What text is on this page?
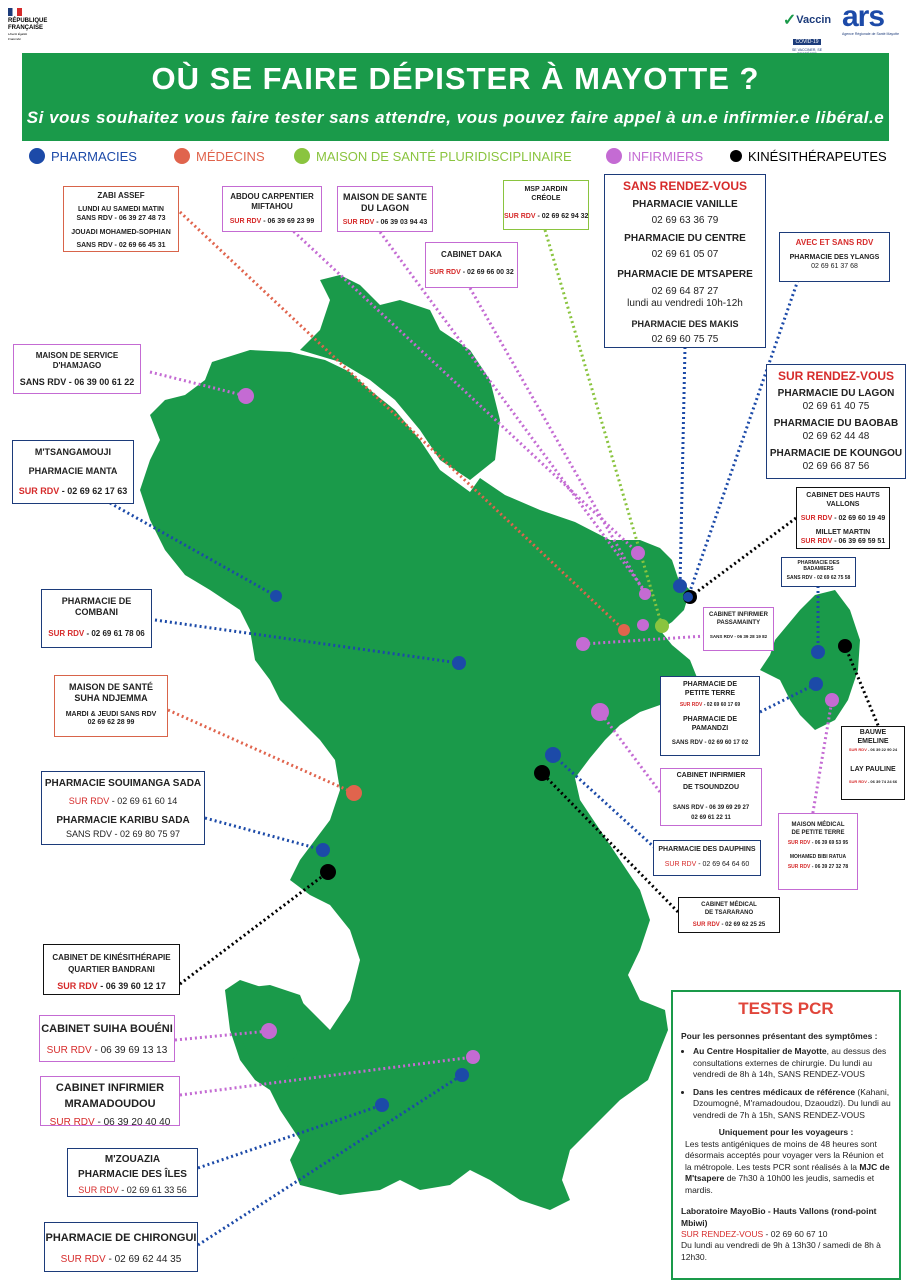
RÉPUBLIQUE
FRANÇAISE
Liberté Égalité Fraternité
✓ Vaccin
COVID-19
SE VACCINER, SE
ars
Agence Régionale de Santé Mayotte
OÙ SE FAIRE DÉPISTER À MAYOTTE ?
Si vous souhaitez vous faire tester sans attendre, vous pouvez faire appel à un.e infirmier.e libéral.e
PHARMACIES	MÉDECINS	MAISON DE SANTÉ PLURIDISCIPLINAIRE	INFIRMIERS	KINÉSITHÉRAPEUTES
ZABI ASSEF
LUNDI AU SAMEDI MATIN
SANS RDV - 06 39 27 48 73
JOUADI MOHAMED-SOPHIAN
SANS RDV - 02 69 66 45 31
ABDOU CARPENTIER
MIFTAHOU
SUR RDV - 06 39 69 23 99
MAISON DE SANTE
DU LAGON
SUR RDV - 06 39 03 94 43
CABINET DAKA
SUR RDV - 02 69 66 00 32
MSP JARDIN
CRÉOLE
SUR RDV - 02 69 62 94 32
SANS RENDEZ-VOUS
PHARMACIE VANILLE
02 69 63 36 79
PHARMACIE DU CENTRE
02 69 61 05 07
PHARMACIE DE MTSAPERE
02 69 64 87 27
lundi au vendredi 10h-12h
PHARMACIE DES MAKIS
02 69 60 75 75
AVEC ET SANS RDV
PHARMACIE DES YLANGS
02 69 61 37 68
SUR RENDEZ-VOUS
PHARMACIE DU LAGON
02 69 61 40 75
PHARMACIE DU BAOBAB
02 69 62 44 48
PHARMACIE DE KOUNGOU
02 69 66 87 56
MAISON DE SERVICE
D'HAMJAGO
SANS RDV - 06 39 00 61 22
M'TSANGAMOUJI
PHARMACIE MANTA
SUR RDV - 02 69 62 17 63	CABINET DES HAUTS
VALLONS
SUR RDV - 02 69 60 19 49
MILLET MARTIN
SUR RDV - 06 39 69 59 51
PHARMACIE DES
BADAMIERS
SANS RDV - 02 69 62 75 58
PHARMACIE DE
COMBANI
SUR RDV - 02 69 61 78 06
CABINET INFIRMIER
PASSAMAINTY
SANS RDV - 06 39 28 19 82
MAISON DE SANTÉ
SUHA NDJEMMA
MARDI & JEUDI SANS RDV
02 69 62 28 99
PHARMACIE DE
PETITE TERRE
SUR RDV - 02 69 60 17 69
PHARMACIE DE
PAMANDZI
SANS RDV - 02 69 60 17 02
BAUWE
EMELINE
SUR RDV - 06 39 22 90 24
LAY PAULINE
SUR RDV - 06 39 74 24 66
PHARMACIE SOUIMANGA SADA
SUR RDV - 02 69 61 60 14
PHARMACIE KARIBU SADA
SANS RDV - 02 69 80 75 97
CABINET INFIRMIER
DE TSOUNDZOU
SANS RDV - 06 39 69 29 27
02 69 61 22 11
PHARMACIE DES DAUPHINS
SUR RDV - 02 69 64 64 60
MAISON MÉDICAL
DE PETITE TERRE
SUR RDV - 06 39 69 53 95
MOHAMED BIBI RATUA
SUR RDV - 06 39 27 32 78
CABINET MÉDICAL
DE TSARARANO
SUR RDV - 02 69 62 25 25
CABINET DE KINÉSITHÉRAPIE
QUARTIER BANDRANI
SUR RDV - 06 39 60 12 17
CABINET SUIHA BOUÉNI
SUR RDV - 06 39 69 13 13
CABINET INFIRMIER
MRAMADOUDOU
SUR RDV - 06 39 20 40 40
M'ZOUAZIA
PHARMACIE DES ÎLES
SUR RDV - 02 69 61 33 56
PHARMACIE DE CHIRONGUI
SUR RDV - 02 69 62 44 35
TESTS PCR
Pour les personnes présentant des symptômes :
• Au Centre Hospitalier de Mayotte, au dessus des consultations externes de chirurgie. Du lundi au vendredi de 8h à 14h, SANS RENDEZ-VOUS
• Dans les centres médicaux de référence (Kahani, Dzoumogné, M'ramadoudou, Dzaoudzi). Du lundi au vendredi de 7h à 15h, SANS RENDEZ-VOUS
Uniquement pour les voyageurs :
Les tests antigéniques de moins de 48 heures sont désormais acceptés pour voyager vers la Réunion et la métropole. Les tests PCR sont réalisés à la MJC de M'tsapere de 7h30 à 10h00 les jeudis, samedis et mardis.
Laboratoire MayoBio - Hauts Vallons (rond-point Mbiwi)
SUR RENDEZ-VOUS - 02 69 60 67 10
Du lundi au vendredi de 9h à 13h30 / samedi de 8h à 12h30.
